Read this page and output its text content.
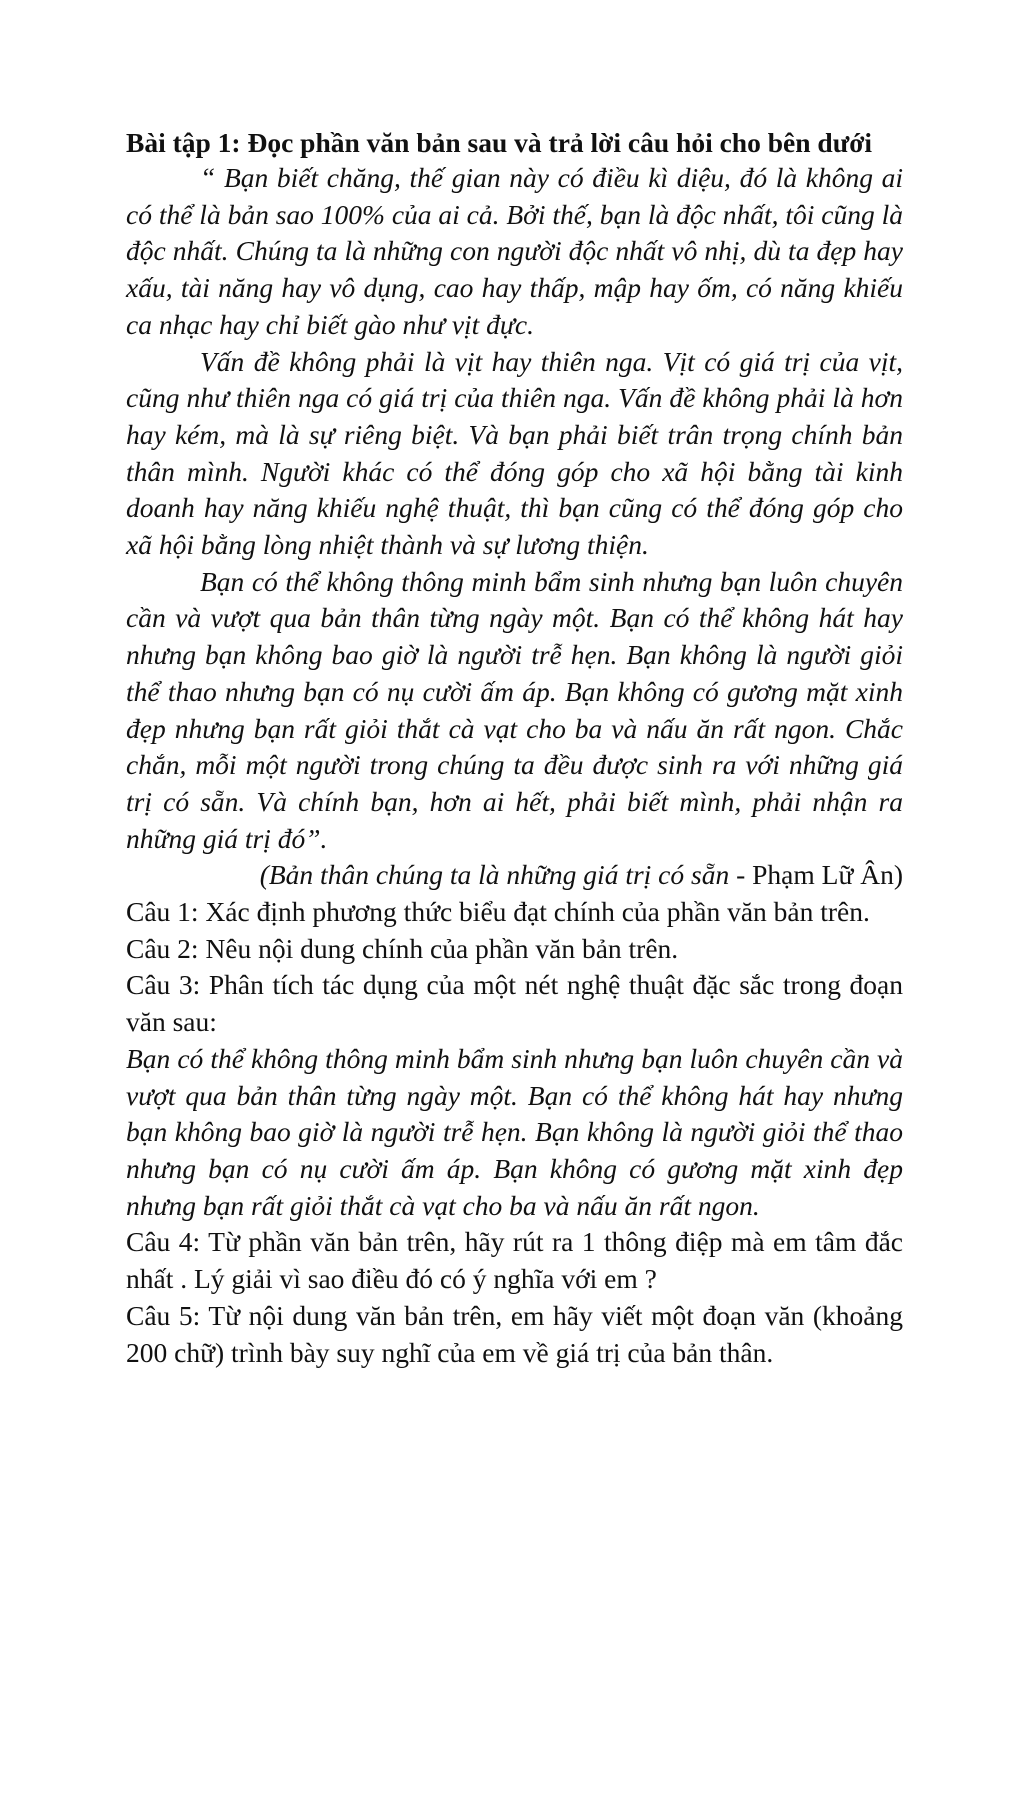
Bài tập 1: Đọc phần văn bản sau và trả lời câu hỏi cho bên dưới

“ Bạn biết chăng, thế gian này có điều kì diệu, đó là không ai có thể là bản sao 100% của ai cả. Bởi thế, bạn là độc nhất, tôi cũng là độc nhất. Chúng ta là những con người độc nhất vô nhị, dù ta đẹp hay xấu, tài năng hay vô dụng, cao hay thấp, mập hay ốm, có năng khiếu ca nhạc hay chỉ biết gào như vịt đực.

Vấn đề không phải là vịt hay thiên nga. Vịt có giá trị của vịt, cũng như thiên nga có giá trị của thiên nga. Vấn đề không phải là hơn hay kém, mà là sự riêng biệt. Và bạn phải biết trân trọng chính bản thân mình. Người khác có thể đóng góp cho xã hội bằng tài kinh doanh hay năng khiếu nghệ thuật, thì bạn cũng có thể đóng góp cho xã hội bằng lòng nhiệt thành và sự lương thiện.

Bạn có thể không thông minh bẩm sinh nhưng bạn luôn chuyên cần và vượt qua bản thân từng ngày một. Bạn có thể không hát hay nhưng bạn không bao giờ là người trễ hẹn. Bạn không là người giỏi thể thao nhưng bạn có nụ cười ấm áp. Bạn không có gương mặt xinh đẹp nhưng bạn rất giỏi thắt cà vạt cho ba và nấu ăn rất ngon. Chắc chắn, mỗi một người trong chúng ta đều được sinh ra với những giá trị có sẵn. Và chính bạn, hơn ai hết, phải biết mình, phải nhận ra những giá trị đó”.

(Bản thân chúng ta là những giá trị có sẵn - Phạm Lữ Ân)

Câu 1: Xác định phương thức biểu đạt chính của phần văn bản trên.

Câu 2: Nêu nội dung chính của phần văn bản trên.

Câu 3: Phân tích tác dụng của một nét nghệ thuật đặc sắc trong đoạn văn sau:

Bạn có thể không thông minh bẩm sinh nhưng bạn luôn chuyên cần và vượt qua bản thân từng ngày một. Bạn có thể không hát hay nhưng bạn không bao giờ là người trễ hẹn. Bạn không là người giỏi thể thao nhưng bạn có nụ cười ấm áp. Bạn không có gương mặt xinh đẹp nhưng bạn rất giỏi thắt cà vạt cho ba và nấu ăn rất ngon.

Câu 4: Từ phần văn bản trên, hãy rút ra 1 thông điệp mà em tâm đắc nhất . Lý giải vì sao điều đó có ý nghĩa với em ?

Câu 5: Từ nội dung văn bản trên, em hãy viết một đoạn văn (khoảng 200 chữ) trình bày suy nghĩ của em về giá trị của bản thân.
